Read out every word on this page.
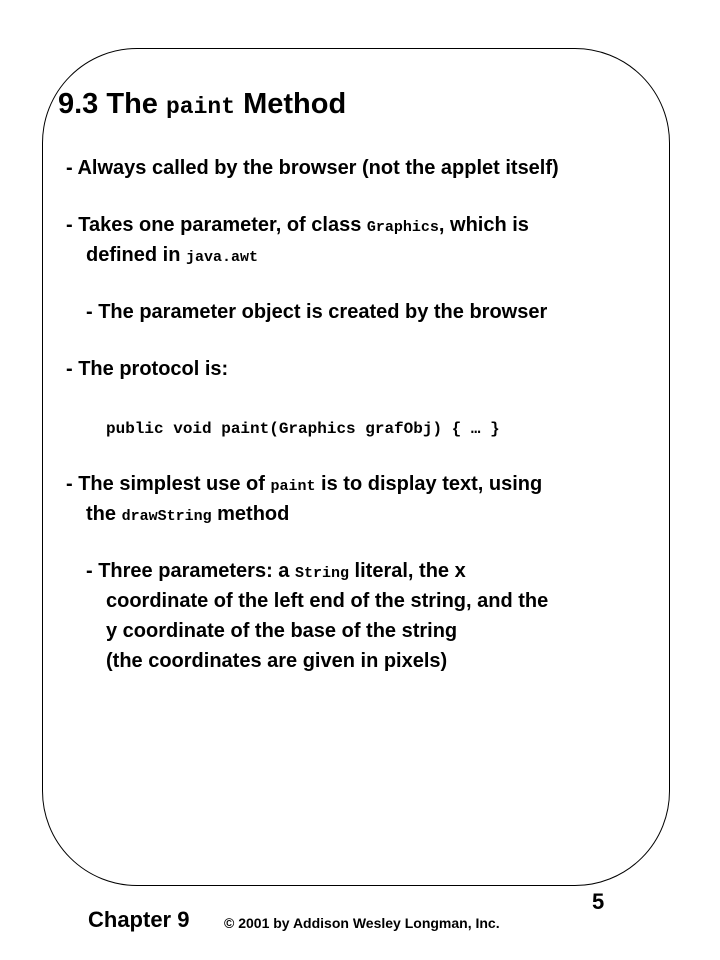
9.3 The paint Method

- Always called by the browser (not the applet itself)

- Takes one parameter, of class Graphics, which is

defined in java.awt

- The parameter object is created by the browser

- The protocol is:

public void paint(Graphics grafObj) { … }

- The simplest use of paint is to display text, using

the drawString method

- Three parameters: a String literal, the x

coordinate of the left end of the string, and the

y coordinate of the base of the string

(the coordinates are given in pixels)

Chapter 9 © 2001 by Addison Wesley Longman, Inc.
5
